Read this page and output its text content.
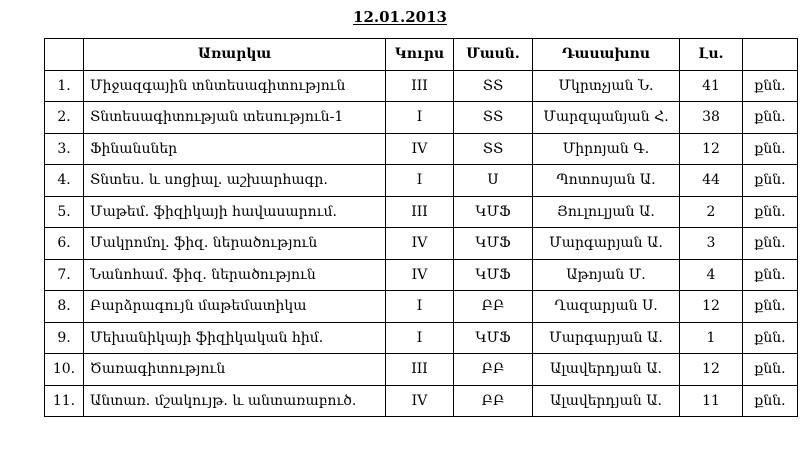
12.01.2013
	Առարկա	Կուրս	Մասն.	Դասախոս	Լս.	
1.	Միջազգային տնտեսագիտություն	III	ՏՏ	Մկրտչյան Ն.	41	քնն.
2.	Տնտեսագիտության տեսություն-1	I	ՏՏ	Մարզպանյան Հ.	38	քնն.
3.	Ֆինանսներ	IV	ՏՏ	Միրոյան Գ.	12	քնն.
4.	Տնտես. և սոցիալ. աշխարհագր.	I	Ս	Պոտոսյան Ա.	44	քնն.
5.	Մաթեմ. ֆիզիկայի հավասարում.	III	ԿՄՖ	Յուլուլյան Ա.	2	քնն.
6.	Մակրոմոլ. ֆիզ. ներածություն	IV	ԿՄՖ	Մարգարյան Ա.	3	քնն.
7.	Նանոհամ. ֆիզ. ներածություն	IV	ԿՄՖ	Աթոյան Մ.	4	քնն.
8.	Բարձրագույն մաթեմատիկա	I	ԲԲ	Ղազարյան Ս.	12	քնն.
9.	Մեխանիկայի ֆիզիկական հիմ.	I	ԿՄՖ	Մարգարյան Ա.	1	քնն.
10.	Ծառագիտություն	III	ԲԲ	Ալավերդյան Ա.	12	քնն.
11.	Անտառ. մշակույթ. և անտառաբուծ.	IV	ԲԲ	Ալավերդյան Ա.	11	քնն.
